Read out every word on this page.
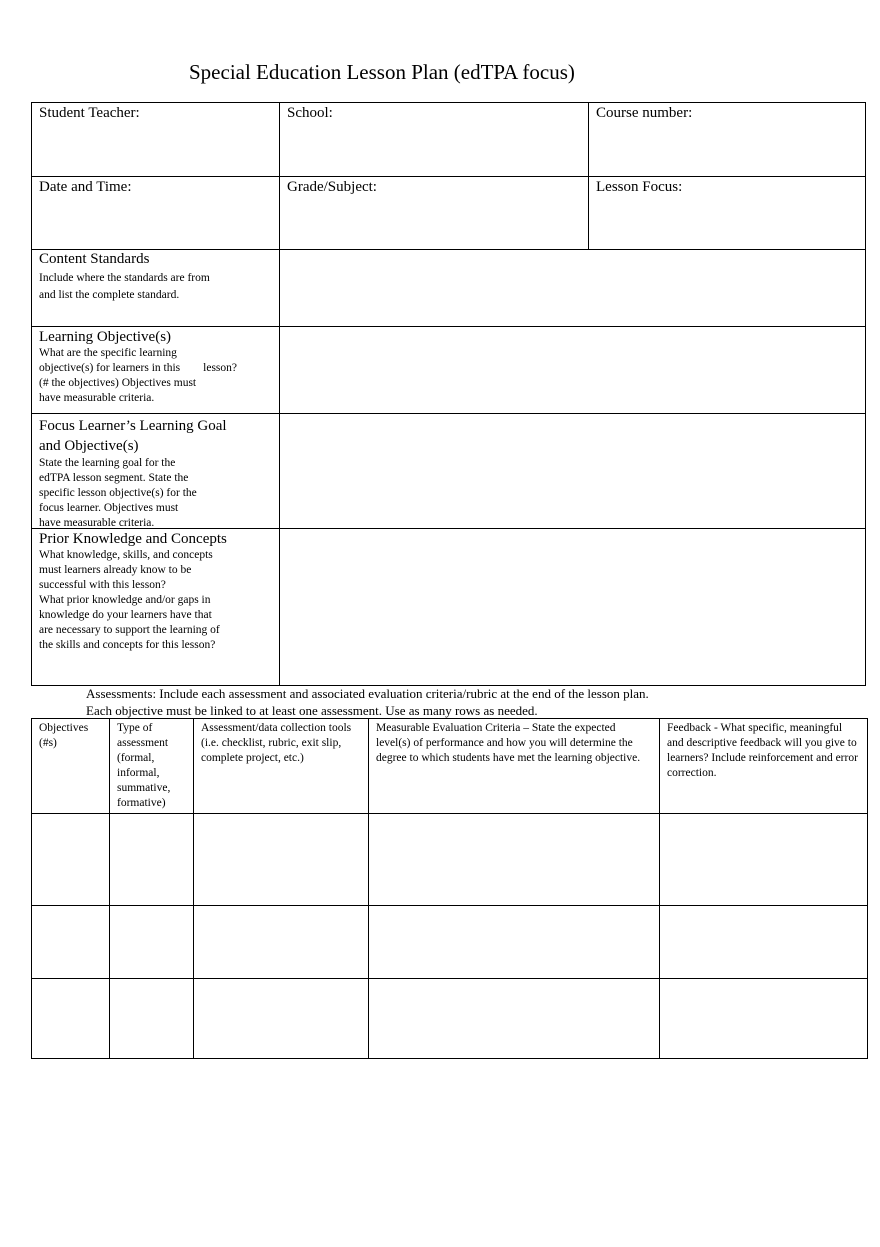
Special Education Lesson Plan (edTPA focus)
Student Teacher:	School:	Course number:
Date and Time:	Grade/Subject:	Lesson Focus:
Content Standards
Include where the standards are from
and list the complete standard.
Learning Objective(s)
What are the specific learning
objective(s) for learners in this        lesson?
(# the objectives) Objectives must
have measurable criteria.
Focus Learner’s Learning Goal and Objective(s)
State the learning goal for the
edTPA lesson segment. State the
specific lesson objective(s) for the
focus learner. Objectives must
have measurable criteria.
Prior Knowledge and Concepts
What knowledge, skills, and concepts
must learners already know to be
successful with this lesson?
What prior knowledge and/or gaps in
knowledge do your learners have that
are necessary to support the learning of
the skills and concepts for this lesson?
Assessments: Include each assessment and associated evaluation criteria/rubric at the end of the lesson plan.
Each objective must be linked to at least one assessment. Use as many rows as needed.
Objectives (#s)	Type of assessment (formal, informal, summative, formative)	Assessment/data collection tools (i.e. checklist, rubric, exit slip, complete project, etc.)	Measurable Evaluation Criteria – State the expected level(s) of performance and how you will determine the degree to which students have met the learning objective.	Feedback - What specific, meaningful and descriptive feedback will you give to learners? Include reinforcement and error correction.
